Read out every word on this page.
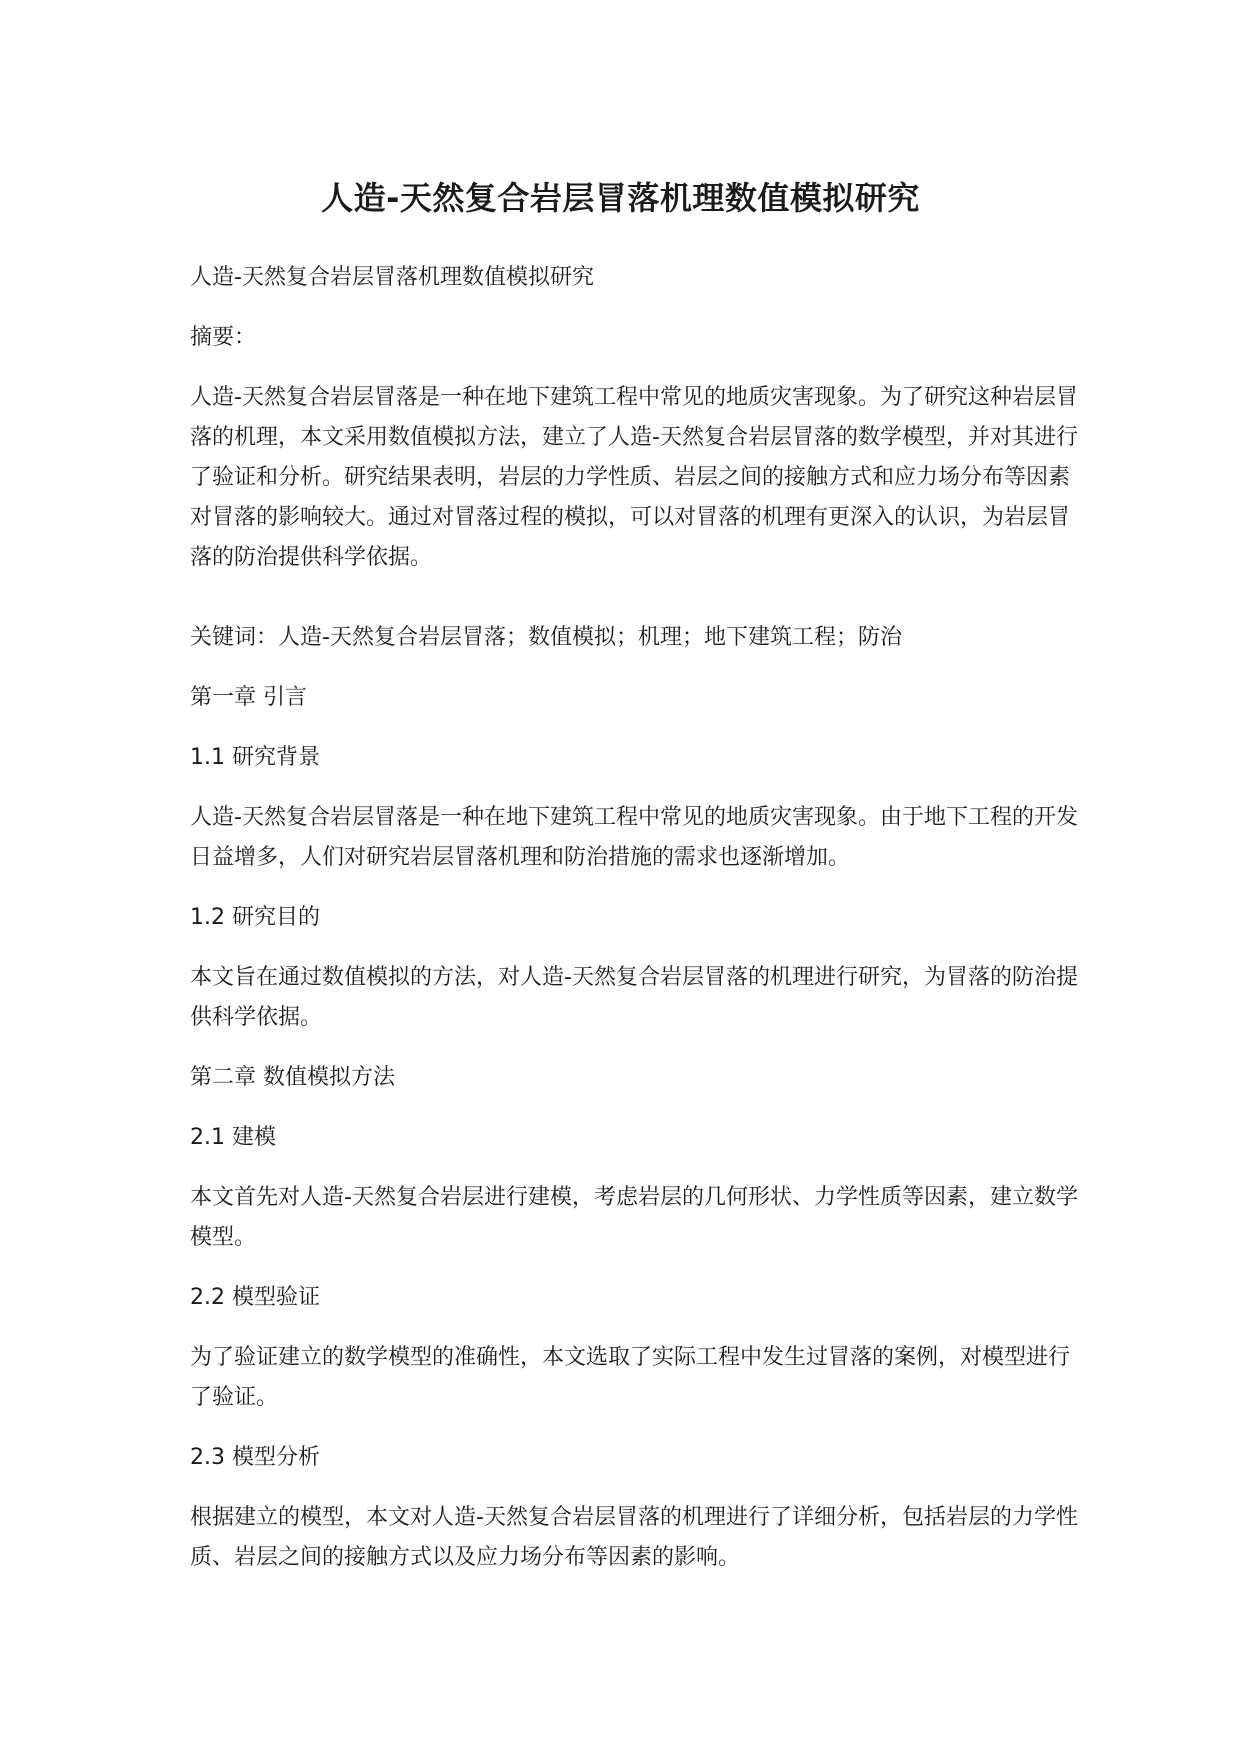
人造-天然复合岩层冒落机理数值模拟研究

人造-天然复合岩层冒落机理数值模拟研究

摘要：

人造-天然复合岩层冒落是一种在地下建筑工程中常见的地质灾害现象。为了研究这种岩层冒落的机理，本文采用数值模拟方法，建立了人造-天然复合岩层冒落的数学模型，并对其进行了验证和分析。研究结果表明，岩层的力学性质、岩层之间的接触方式和应力场分布等因素对冒落的影响较大。通过对冒落过程的模拟，可以对冒落的机理有更深入的认识，为岩层冒落的防治提供科学依据。

关键词：人造-天然复合岩层冒落；数值模拟；机理；地下建筑工程；防治

第一章 引言

1.1 研究背景

人造-天然复合岩层冒落是一种在地下建筑工程中常见的地质灾害现象。由于地下工程的开发日益增多，人们对研究岩层冒落机理和防治措施的需求也逐渐增加。

1.2 研究目的

本文旨在通过数值模拟的方法，对人造-天然复合岩层冒落的机理进行研究，为冒落的防治提供科学依据。

第二章 数值模拟方法

2.1 建模

本文首先对人造-天然复合岩层进行建模，考虑岩层的几何形状、力学性质等因素，建立数学模型。

2.2 模型验证

为了验证建立的数学模型的准确性，本文选取了实际工程中发生过冒落的案例，对模型进行了验证。

2.3 模型分析

根据建立的模型，本文对人造-天然复合岩层冒落的机理进行了详细分析，包括岩层的力学性质、岩层之间的接触方式以及应力场分布等因素的影响。
